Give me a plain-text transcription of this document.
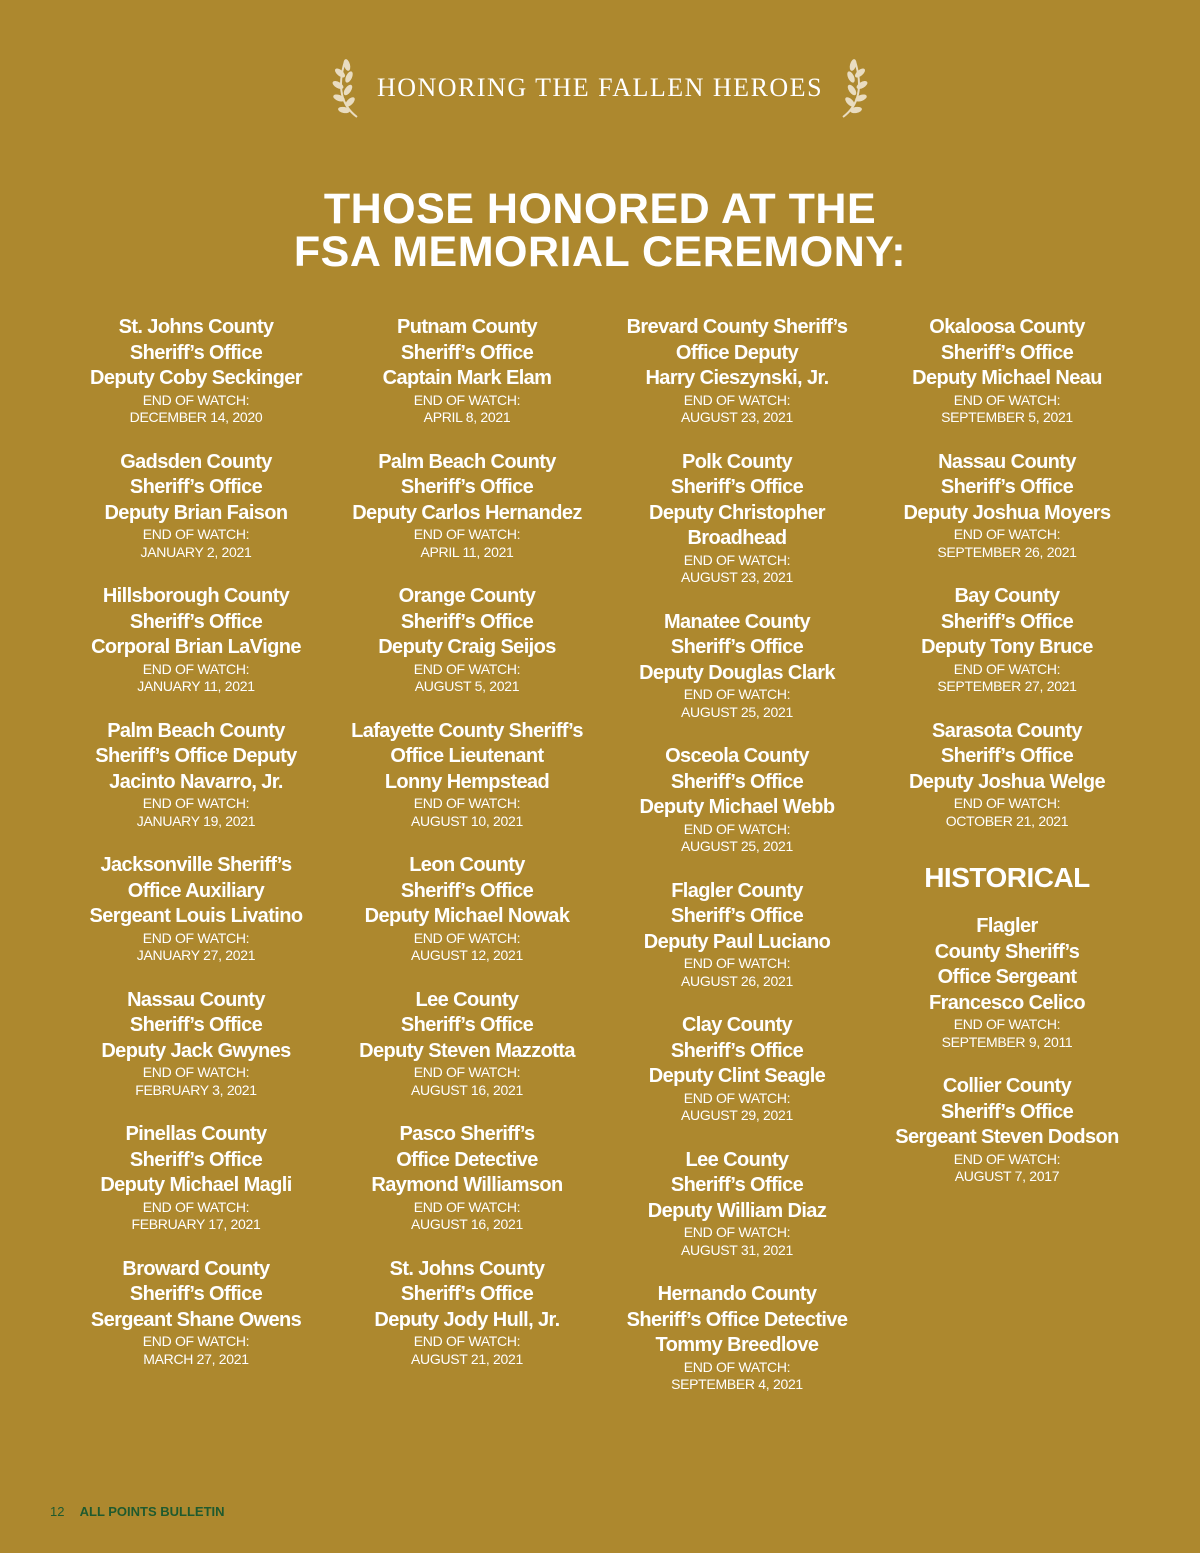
HONORING THE FALLEN HEROES
THOSE HONORED AT THE
FSA MEMORIAL CEREMONY:
St. Johns County
Sheriff’s Office
Deputy Coby Seckinger
END OF WATCH:
DECEMBER 14, 2020
Gadsden County
Sheriff’s Office
Deputy Brian Faison
END OF WATCH:
JANUARY 2, 2021
Hillsborough County
Sheriff’s Office
Corporal Brian LaVigne
END OF WATCH:
JANUARY 11, 2021
Palm Beach County
Sheriff’s Office Deputy
Jacinto Navarro, Jr.
END OF WATCH:
JANUARY 19, 2021
Jacksonville Sheriff’s
Office Auxiliary
Sergeant Louis Livatino
END OF WATCH:
JANUARY 27, 2021
Nassau County
Sheriff’s Office
Deputy Jack Gwynes
END OF WATCH:
FEBRUARY 3, 2021
Pinellas County
Sheriff’s Office
Deputy Michael Magli
END OF WATCH:
FEBRUARY 17, 2021
Broward County
Sheriff’s Office
Sergeant Shane Owens
END OF WATCH:
MARCH 27, 2021
Putnam County
Sheriff’s Office
Captain Mark Elam
END OF WATCH:
APRIL 8, 2021
Palm Beach County
Sheriff’s Office
Deputy Carlos Hernandez
END OF WATCH:
APRIL 11, 2021
Orange County
Sheriff’s Office
Deputy Craig Seijos
END OF WATCH:
AUGUST 5, 2021
Lafayette County Sheriff’s
Office Lieutenant
Lonny Hempstead
END OF WATCH:
AUGUST 10, 2021
Leon County
Sheriff’s Office
Deputy Michael Nowak
END OF WATCH:
AUGUST 12, 2021
Lee County
Sheriff’s Office
Deputy Steven Mazzotta
END OF WATCH:
AUGUST 16, 2021
Pasco Sheriff’s
Office Detective
Raymond Williamson
END OF WATCH:
AUGUST 16, 2021
St. Johns County
Sheriff’s Office
Deputy Jody Hull, Jr.
END OF WATCH:
AUGUST 21, 2021
Brevard County Sheriff’s
Office Deputy
Harry Cieszynski, Jr.
END OF WATCH:
AUGUST 23, 2021
Polk County
Sheriff’s Office
Deputy Christopher
Broadhead
END OF WATCH:
AUGUST 23, 2021
Manatee County
Sheriff’s Office
Deputy Douglas Clark
END OF WATCH:
AUGUST 25, 2021
Osceola County
Sheriff’s Office
Deputy Michael Webb
END OF WATCH:
AUGUST 25, 2021
Flagler County
Sheriff’s Office
Deputy Paul Luciano
END OF WATCH:
AUGUST 26, 2021
Clay County
Sheriff’s Office
Deputy Clint Seagle
END OF WATCH:
AUGUST 29, 2021
Lee County
Sheriff’s Office
Deputy William Diaz
END OF WATCH:
AUGUST 31, 2021
Hernando County
Sheriff’s Office Detective
Tommy Breedlove
END OF WATCH:
SEPTEMBER 4, 2021
Okaloosa County
Sheriff’s Office
Deputy Michael Neau
END OF WATCH:
SEPTEMBER 5, 2021
Nassau County
Sheriff’s Office
Deputy Joshua Moyers
END OF WATCH:
SEPTEMBER 26, 2021
Bay County
Sheriff’s Office
Deputy Tony Bruce
END OF WATCH:
SEPTEMBER 27, 2021
Sarasota County
Sheriff’s Office
Deputy Joshua Welge
END OF WATCH:
OCTOBER 21, 2021
HISTORICAL
Flagler
County Sheriff’s
Office Sergeant
Francesco Celico
END OF WATCH:
SEPTEMBER 9, 2011
Collier County
Sheriff’s Office
Sergeant Steven Dodson
END OF WATCH:
AUGUST 7, 2017
12 ALL POINTS BULLETIN
